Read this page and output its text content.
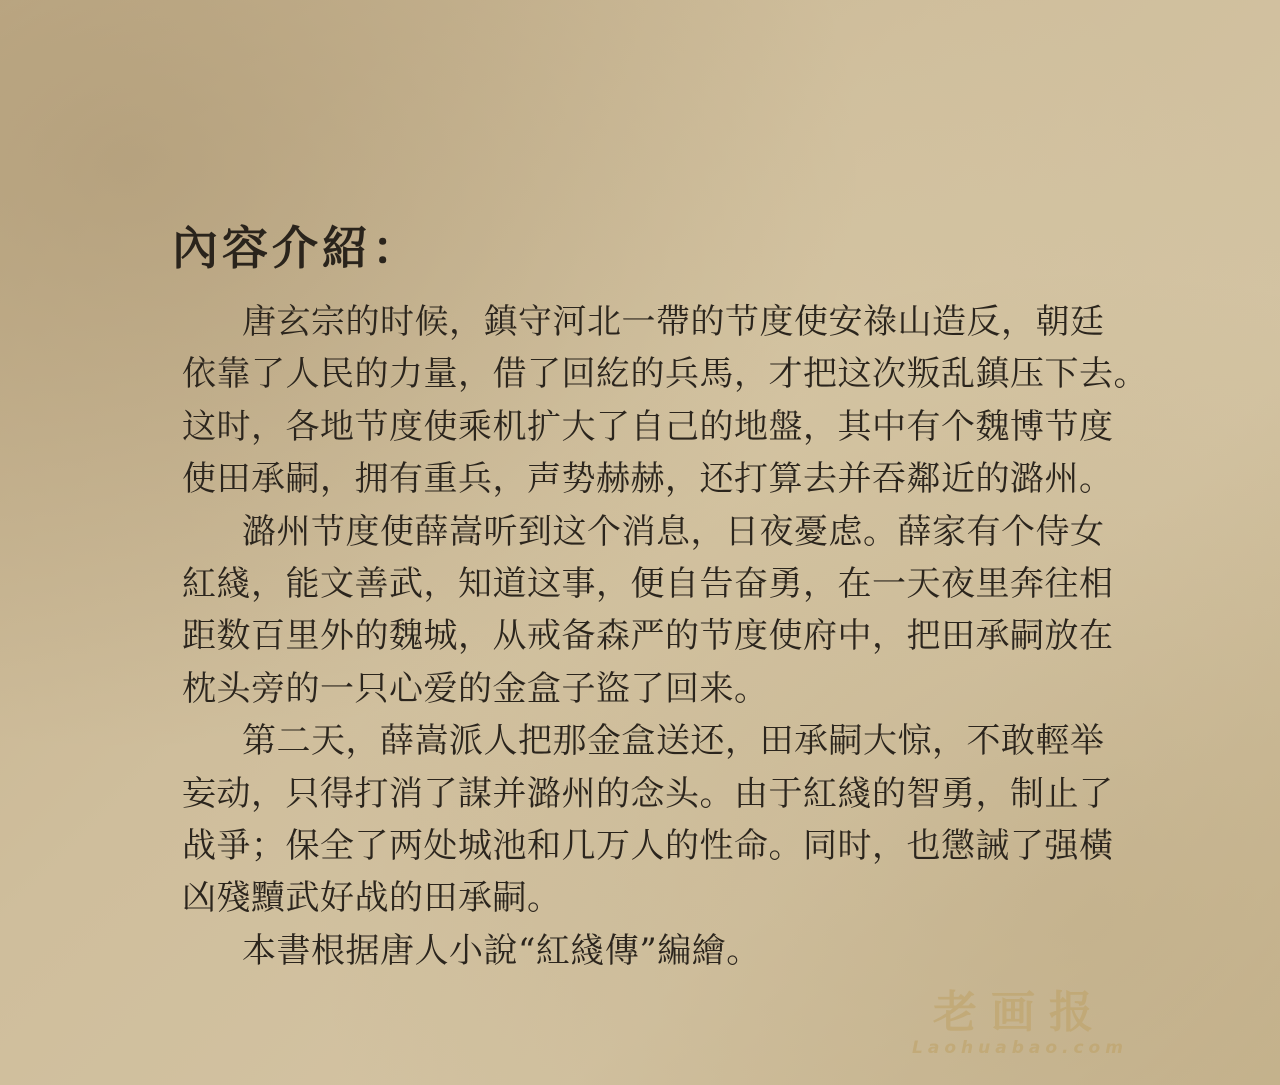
內容介紹：
唐玄宗的时候，鎮守河北一帶的节度使安祿山造反，朝廷
依靠了人民的力量，借了回紇的兵馬，才把这次叛乱鎮压下去。
这时，各地节度使乘机扩大了自己的地盤，其中有个魏博节度
使田承嗣，拥有重兵，声势赫赫，还打算去并吞鄰近的潞州。
潞州节度使薛嵩听到这个消息，日夜憂虑。薛家有个侍女
紅綫，能文善武，知道这事，便自告奋勇，在一天夜里奔往相
距数百里外的魏城，从戒备森严的节度使府中，把田承嗣放在
枕头旁的一只心爱的金盒子盜了回来。
第二天，薛嵩派人把那金盒送还，田承嗣大惊，不敢輕举
妄动，只得打消了謀并潞州的念头。由于紅綫的智勇，制止了
战爭；保全了两处城池和几万人的性命。同时，也懲誡了强橫
凶殘黷武好战的田承嗣。
本書根据唐人小說“紅綫傳”編繪。
老画报
Laohuabao.com
